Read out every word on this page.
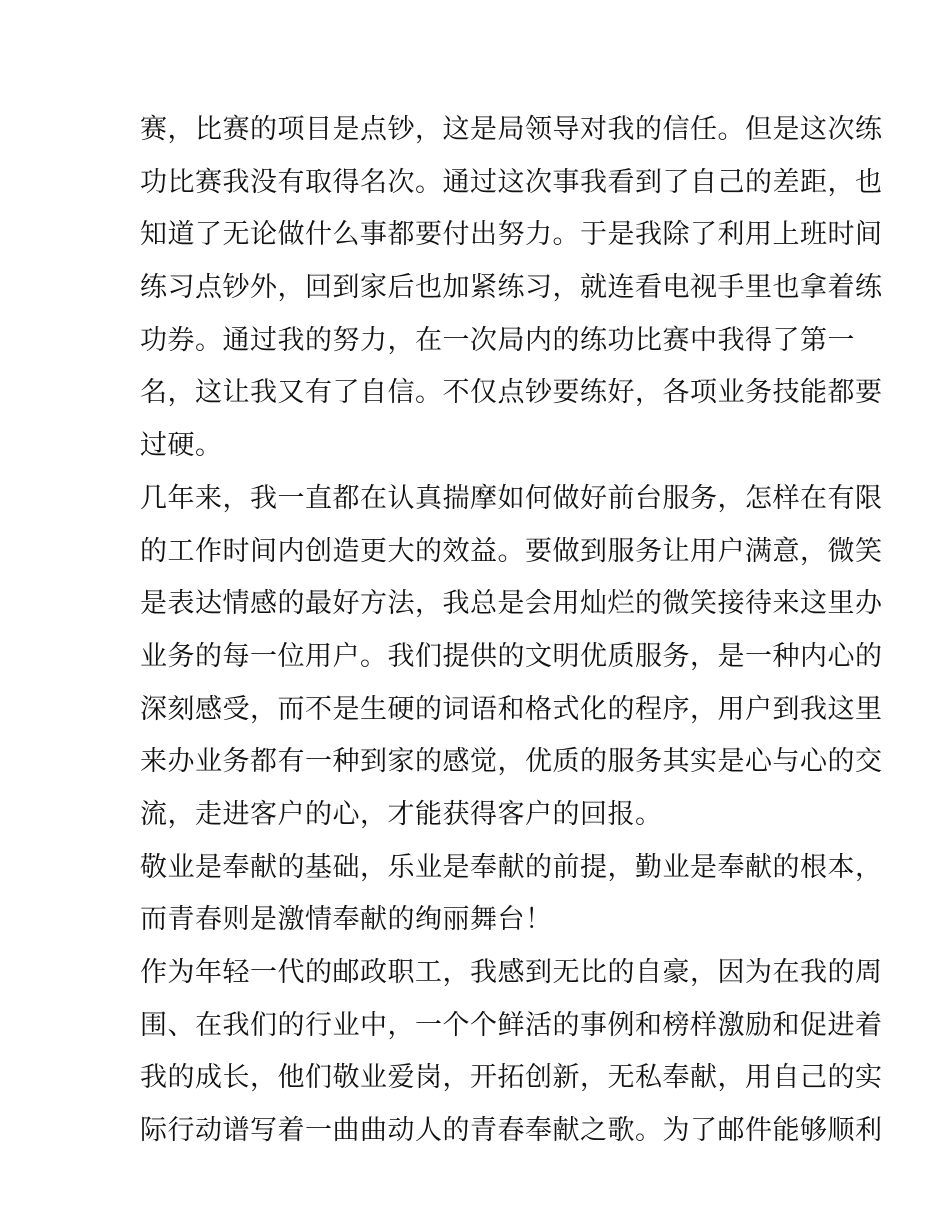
赛，比赛的项目是点钞，这是局领导对我的信任。但是这次练
功比赛我没有取得名次。通过这次事我看到了自己的差距，也
知道了无论做什么事都要付出努力。于是我除了利用上班时间
练习点钞外，回到家后也加紧练习，就连看电视手里也拿着练
功券。通过我的努力，在一次局内的练功比赛中我得了第一
名，这让我又有了自信。不仅点钞要练好，各项业务技能都要
过硬。
几年来，我一直都在认真揣摩如何做好前台服务，怎样在有限
的工作时间内创造更大的效益。要做到服务让用户满意，微笑
是表达情感的最好方法，我总是会用灿烂的微笑接待来这里办
业务的每一位用户。我们提供的文明优质服务，是一种内心的
深刻感受，而不是生硬的词语和格式化的程序，用户到我这里
来办业务都有一种到家的感觉，优质的服务其实是心与心的交
流，走进客户的心，才能获得客户的回报。
敬业是奉献的基础，乐业是奉献的前提，勤业是奉献的根本，
而青春则是激情奉献的绚丽舞台！
作为年轻一代的邮政职工，我感到无比的自豪，因为在我的周
围、在我们的行业中，一个个鲜活的事例和榜样激励和促进着
我的成长，他们敬业爱岗，开拓创新，无私奉献，用自己的实
际行动谱写着一曲曲动人的青春奉献之歌。为了邮件能够顺利
